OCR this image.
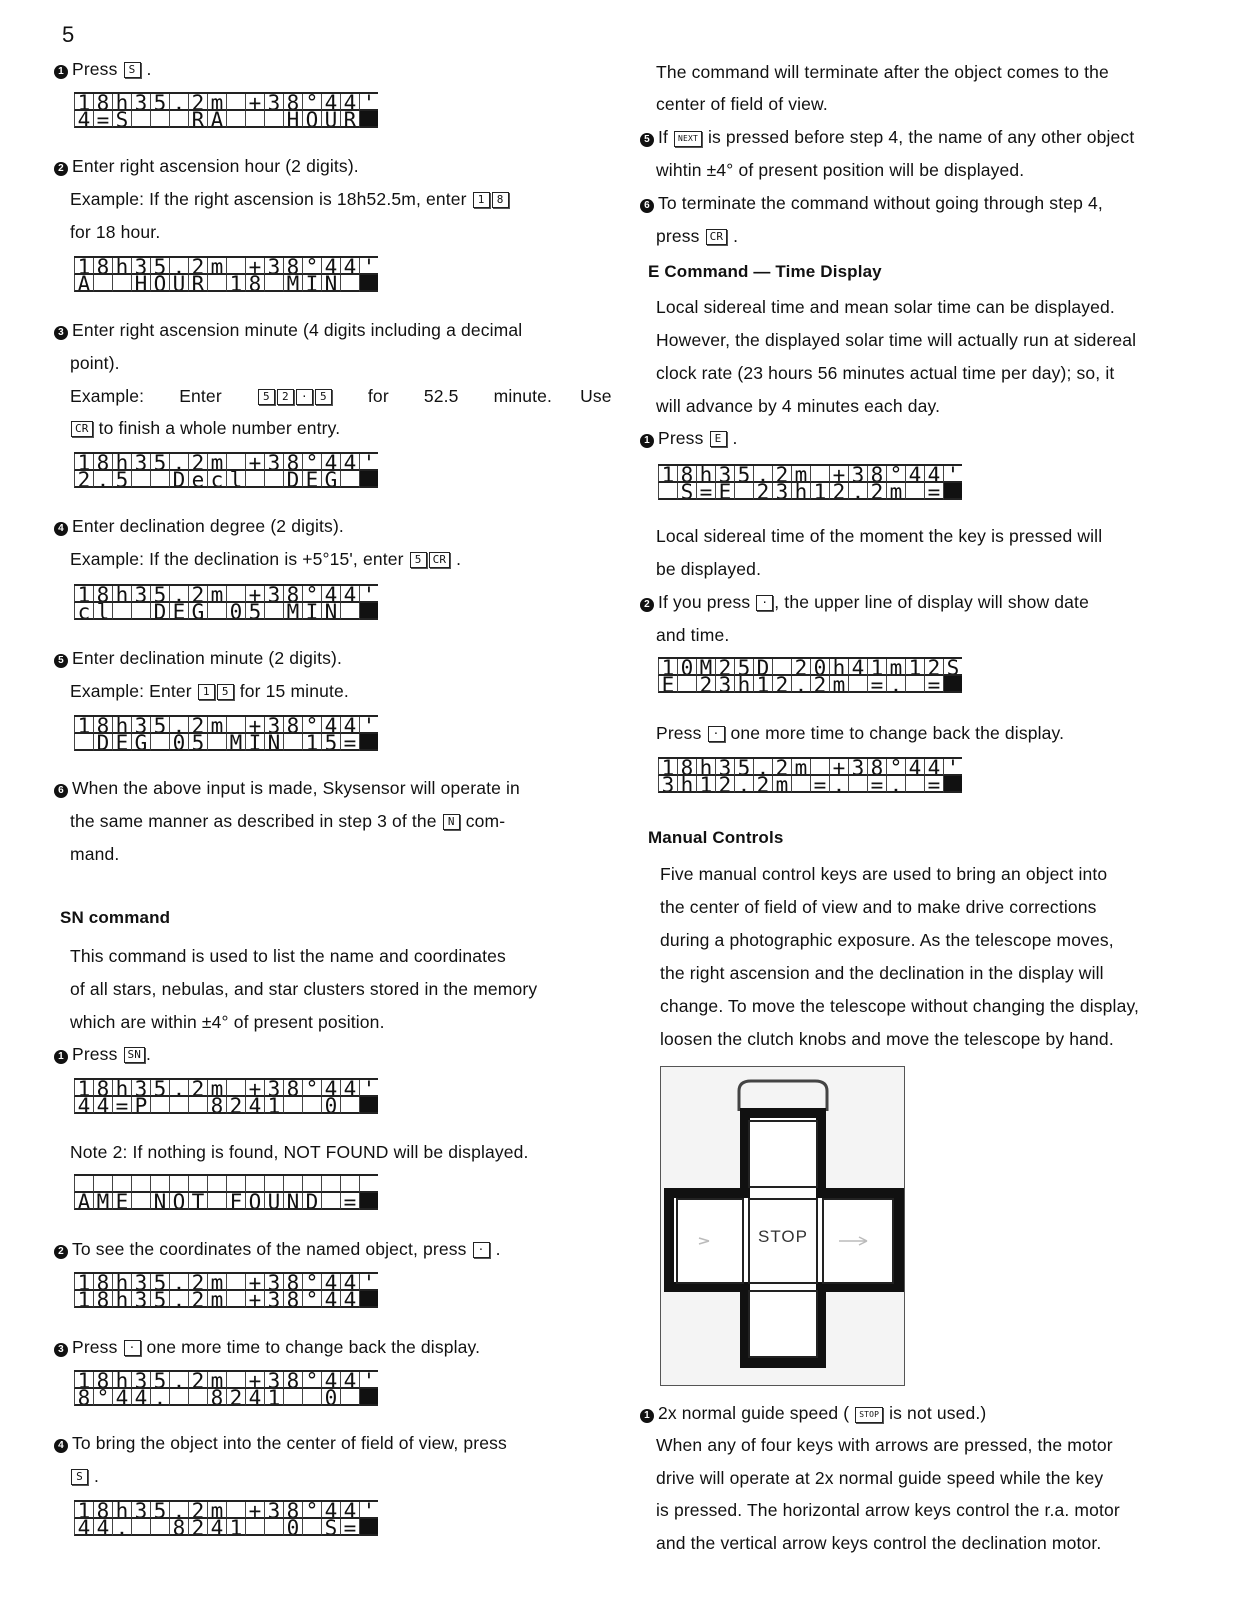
5
1 Press S .
1 8 h 3 5 . 2 m + 3 8 ° 4 4 '
4 = S	R A	H O U R
2 Enter right ascension hour (2 digits).
Example: If the right ascension is 18h52.5m, enter 1 8
for 18 hour.
1 8 h 3 5 . 2 m + 3 8 ° 4 4 '
A H O U R 1 8 M I N
3 Enter right ascension minute (4 digits including a decimal
point).
Example: Enter	5 2 · 5 for 52.5 minute. Use
CR to finish a whole number entry.
1 8 h 3 5 . 2 m + 3 8 ° 4 4 '
2 . 5 D e c l D E G
4 Enter declination degree (2 digits).
Example: If the declination is +5°15', enter 5 CR .
1 8 h 3 5 . 2 m + 3 8 ° 4 4 '
c l D E G 0 5 M I N
5 Enter declination minute (2 digits).
Example: Enter 1 5 for 15 minute.
1 8 h 3 5 . 2 m + 3 8 ° 4 4 '
D E G 0 5 M I N 1 5 =
6 When the above input is made, Skysensor will operate in
the same manner as described in step 3 of the N com-
mand.
SN command
This command is used to list the name and coordinates
of all stars, nebulas, and star clusters stored in the memory
which are within ±4° of present position.
1 Press SN .
1 8 h 3 5 . 2 m + 3 8 ° 4 4 '
4 4 = P	8 2 4 1 0
Note 2: If nothing is found, NOT FOUND will be displayed.
A M E N O T F O U N D =
2 To see the coordinates of the named object, press · .
1 8 h 3 5 . 2 m + 3 8 ° 4 4 '
1 8 h 3 5 . 2 m + 3 8 ° 4 4
3 Press · one more time to change back the display.
1 8 h 3 5 . 2 m + 3 8 ° 4 4 '
8 ° 4 4 . 8 2 4 1 0
4 To bring the object into the center of field of view, press
S .
1 8 h 3 5 . 2 m + 3 8 ° 4 4 '
4 4 . 8 2 4 1 0 S =
The command will terminate after the object comes to the
center of field of view.
5 If NEXT is pressed before step 4, the name of any other object
wihtin ±4° of present position will be displayed.
6 To terminate the command without going through step 4,
press CR .
E Command — Time Display
Local sidereal time and mean solar time can be displayed.
However, the displayed solar time will actually run at sidereal
clock rate (23 hours 56 minutes actual time per day); so, it
will advance by 4 minutes each day.
1 Press E .
1 8 h 3 5 . 2 m + 3 8 ° 4 4 '
S = E 2 3 h 1 2 . 2 m =
Local sidereal time of the moment the key is pressed will
be displayed.
2 If you press · , the upper line of display will show date
and time.
1 0 M 2 5 D 2 0 h 4 1 m 1 2 S
E 2 3 h 1 2 . 2 m = . =
Press · one more time to change back the display.
1 8 h 3 5 . 2 m + 3 8 ° 4 4 '
3 h 1 2 . 2 m = . = . =
Manual Controls
Five manual control keys are used to bring an object into
the center of field of view and to make drive corrections
during a photographic exposure. As the telescope moves,
the right ascension and the declination in the display will
change. To move the telescope without changing the display,
loosen the clutch knobs and move the telescope by hand.
1 2x normal guide speed ( STOP is not used.)
When any of four keys with arrows are pressed, the motor
drive will operate at 2x normal guide speed while the key
is pressed. The horizontal arrow keys control the r.a. motor
and the vertical arrow keys control the declination motor.
STOP
